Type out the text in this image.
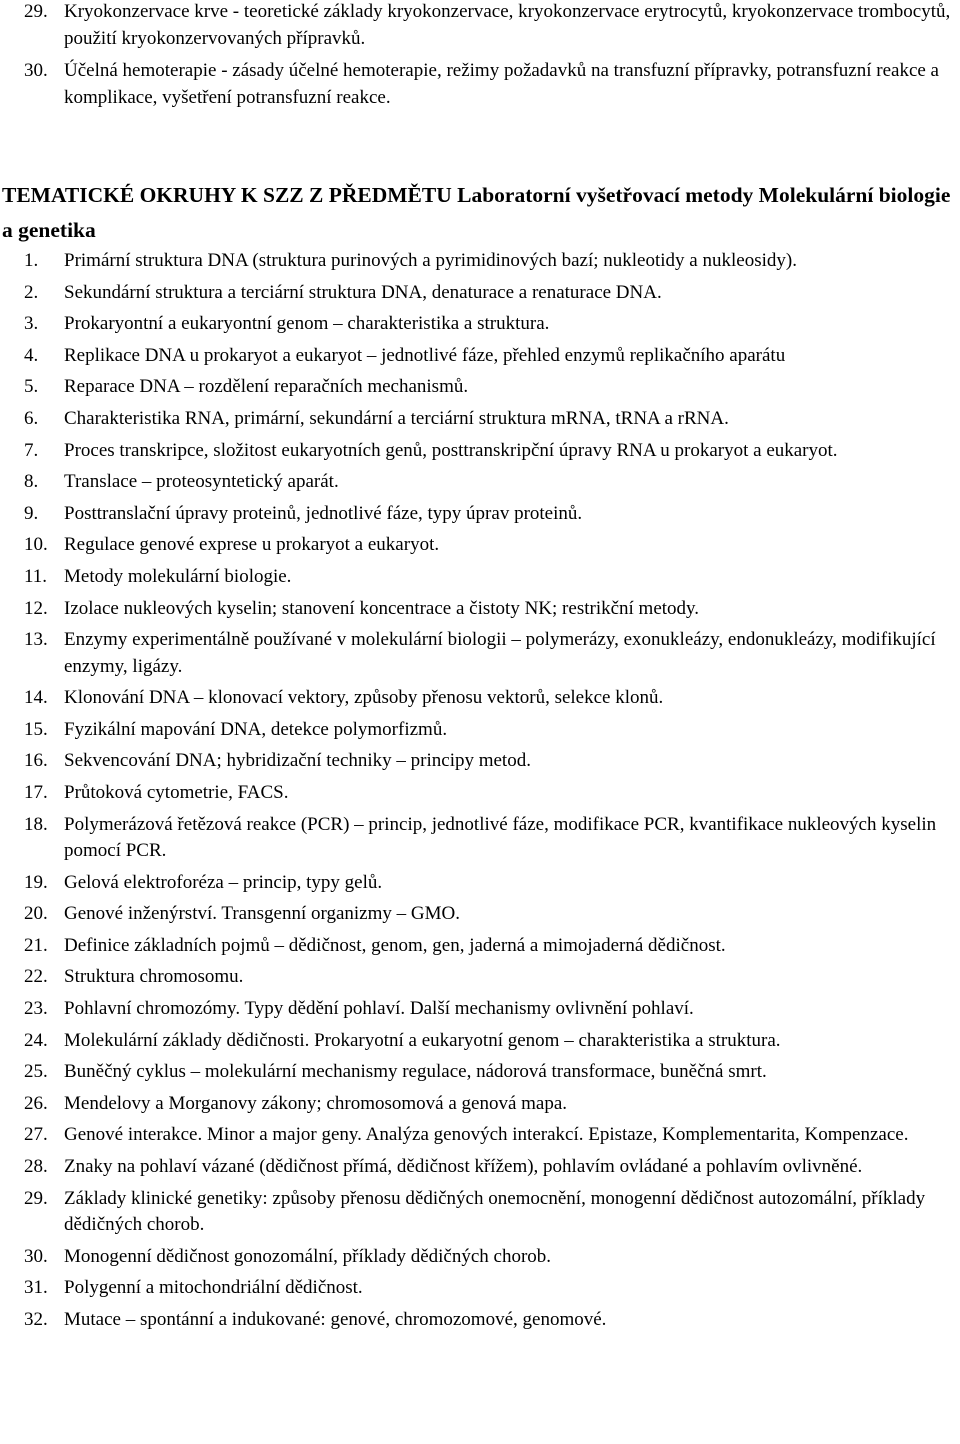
29. Kryokonzervace krve - teoretické základy kryokonzervace, kryokonzervace erytrocytů, kryokonzervace trombocytů, použití kryokonzervovaných přípravků.
30. Účelná hemoterapie - zásady účelné hemoterapie, režimy požadavků na transfuzní přípravky, potransfuzní reakce a komplikace, vyšetření potransfuzní reakce.
TEMATICKÉ OKRUHY K SZZ Z PŘEDMĚTU Laboratorní vyšetřovací metody Molekulární biologie a genetika
1.	Primární struktura DNA (struktura purinových a pyrimidinových bazí; nukleotidy a nukleosidy).
2.	Sekundární struktura a terciární struktura DNA, denaturace a renaturace DNA.
3.	Prokaryontní a eukaryontní genom – charakteristika a struktura.
4.	Replikace DNA u prokaryot a eukaryot – jednotlivé fáze, přehled enzymů replikačního aparátu
5.	Reparace DNA – rozdělení reparačních mechanismů.
6.	Charakteristika RNA, primární, sekundární a terciární struktura mRNA, tRNA a rRNA.
7.	Proces transkripce, složitost eukaryotních genů, posttranskripční úpravy RNA u prokaryot a eukaryot.
8.	Translace – proteosyntetický aparát.
9.	Posttranslační úpravy proteinů, jednotlivé fáze, typy úprav proteinů.
10. Regulace genové exprese u prokaryot a eukaryot.
11. Metody molekulární biologie.
12. Izolace nukleových kyselin; stanovení koncentrace a čistoty NK; restrikční metody.
13. Enzymy experimentálně používané v molekulární biologii – polymerázy, exonukleázy, endonukleázy, modifikující enzymy, ligázy.
14. Klonování DNA – klonovací vektory, způsoby přenosu vektorů, selekce klonů.
15. Fyzikální mapování DNA, detekce polymorfizmů.
16. Sekvencování DNA; hybridizační techniky – principy metod.
17. Průtoková cytometrie, FACS.
18. Polymerázová řetězová reakce (PCR) – princip, jednotlivé fáze, modifikace PCR, kvantifikace nukleových kyselin pomocí PCR.
19. Gelová elektroforéza – princip, typy gelů.
20. Genové inženýrství. Transgenní organizmy – GMO.
21. Definice základních pojmů – dědičnost, genom, gen, jaderná a mimojaderná dědičnost.
22. Struktura chromosomu.
23. Pohlavní chromozómy. Typy dědění pohlaví. Další mechanismy ovlivnění pohlaví.
24. Molekulární základy dědičnosti. Prokaryotní a eukaryotní genom – charakteristika a struktura.
25. Buněčný cyklus – molekulární mechanismy regulace, nádorová transformace, buněčná smrt.
26. Mendelovy a Morganovy zákony; chromosomová a genová mapa.
27. Genové interakce. Minor a major geny. Analýza genových interakcí. Epistaze, Komplementarita, Kompenzace.
28. Znaky na pohlaví vázané (dědičnost přímá, dědičnost křížem), pohlavím ovládané a pohlavím ovlivněné.
29. Základy klinické genetiky: způsoby přenosu dědičných onemocnění, monogenní dědičnost autozomální, příklady dědičných chorob.
30. Monogenní dědičnost gonozomální, příklady dědičných chorob.
31. Polygenní a mitochondriální dědičnost.
32. Mutace – spontánní a indukované: genové, chromozomové, genomové.
